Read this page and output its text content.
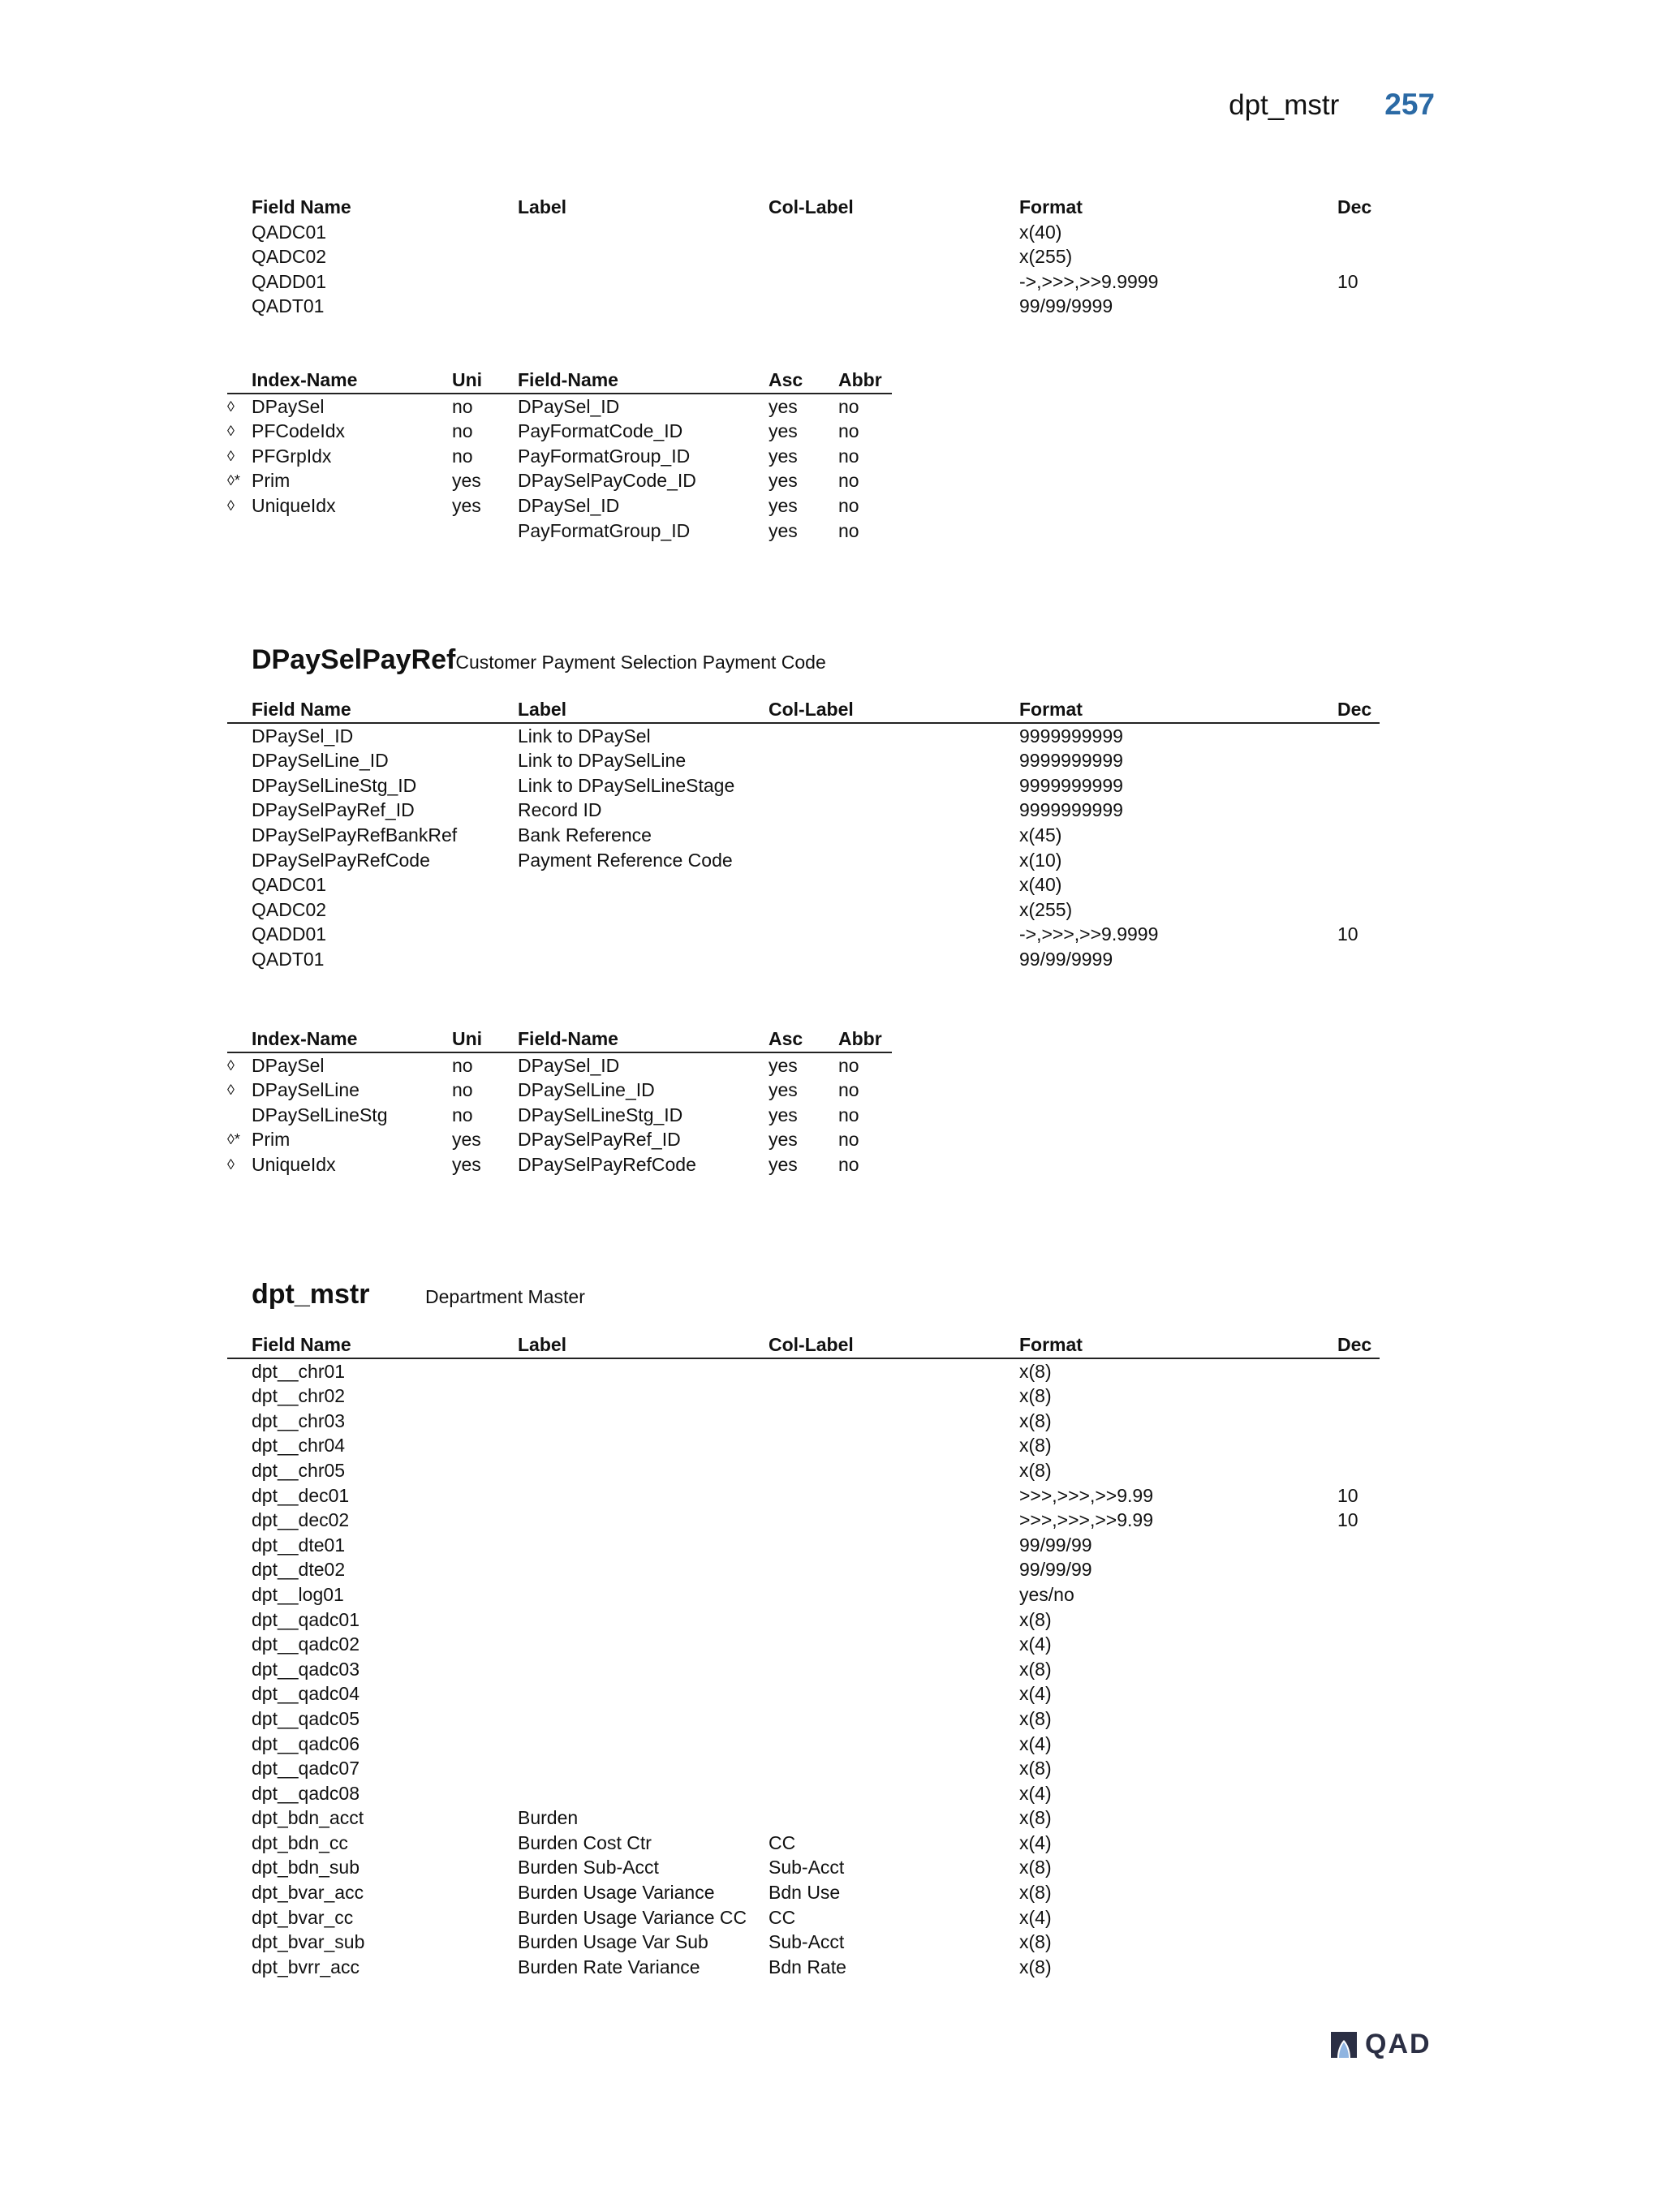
dpt_mstr 257
	Field Name	Label	Col-Label	Format	Dec
	QADC01			x(40)	
	QADC02			x(255)	
	QADD01			->,>>>,>>9.9999	10
	QADT01			99/99/9999	
	Index-Name	Uni	Field-Name	Asc	Abbr
◊	DPaySel	no	DPaySel_ID	yes	no
◊	PFCodeIdx	no	PayFormatCode_ID	yes	no
◊	PFGrpIdx	no	PayFormatGroup_ID	yes	no
◊*	Prim	yes	DPaySelPayCode_ID	yes	no
◊	UniqueIdx	yes	DPaySel_ID	yes	no
			PayFormatGroup_ID	yes	no
DPaySelPayRef Customer Payment Selection Payment Code
	Field Name	Label	Col-Label	Format	Dec
	DPaySel_ID	Link to DPaySel		9999999999	
	DPaySelLine_ID	Link to DPaySelLine		9999999999	
	DPaySelLineStg_ID	Link to DPaySelLineStage		9999999999	
	DPaySelPayRef_ID	Record ID		9999999999	
	DPaySelPayRefBankRef	Bank Reference		x(45)	
	DPaySelPayRefCode	Payment Reference Code		x(10)	
	QADC01			x(40)	
	QADC02			x(255)	
	QADD01			->,>>>,>>9.9999	10
	QADT01			99/99/9999	
	Index-Name	Uni	Field-Name	Asc	Abbr
◊	DPaySel	no	DPaySel_ID	yes	no
◊	DPaySelLine	no	DPaySelLine_ID	yes	no
	DPaySelLineStg	no	DPaySelLineStg_ID	yes	no
◊*	Prim	yes	DPaySelPayRef_ID	yes	no
◊	UniqueIdx	yes	DPaySelPayRefCode	yes	no
dpt_mstr	Department Master
	Field Name	Label	Col-Label	Format	Dec
	dpt__chr01			x(8)	
	dpt__chr02			x(8)	
	dpt__chr03			x(8)	
	dpt__chr04			x(8)	
	dpt__chr05			x(8)	
	dpt__dec01			>>>,>>>,>>9.99	10
	dpt__dec02			>>>,>>>,>>9.99	10
	dpt__dte01			99/99/99	
	dpt__dte02			99/99/99	
	dpt__log01			yes/no	
	dpt__qadc01			x(8)	
	dpt__qadc02			x(4)	
	dpt__qadc03			x(8)	
	dpt__qadc04			x(4)	
	dpt__qadc05			x(8)	
	dpt__qadc06			x(4)	
	dpt__qadc07			x(8)	
	dpt__qadc08			x(4)	
	dpt_bdn_acct	Burden		x(8)	
	dpt_bdn_cc	Burden Cost Ctr	CC	x(4)	
	dpt_bdn_sub	Burden Sub-Acct	Sub-Acct	x(8)	
	dpt_bvar_acc	Burden Usage Variance	Bdn Use	x(8)	
	dpt_bvar_cc	Burden Usage Variance CC	CC	x(4)	
	dpt_bvar_sub	Burden Usage Var Sub	Sub-Acct	x(8)	
	dpt_bvrr_acc	Burden Rate Variance	Bdn Rate	x(8)	
QAD
